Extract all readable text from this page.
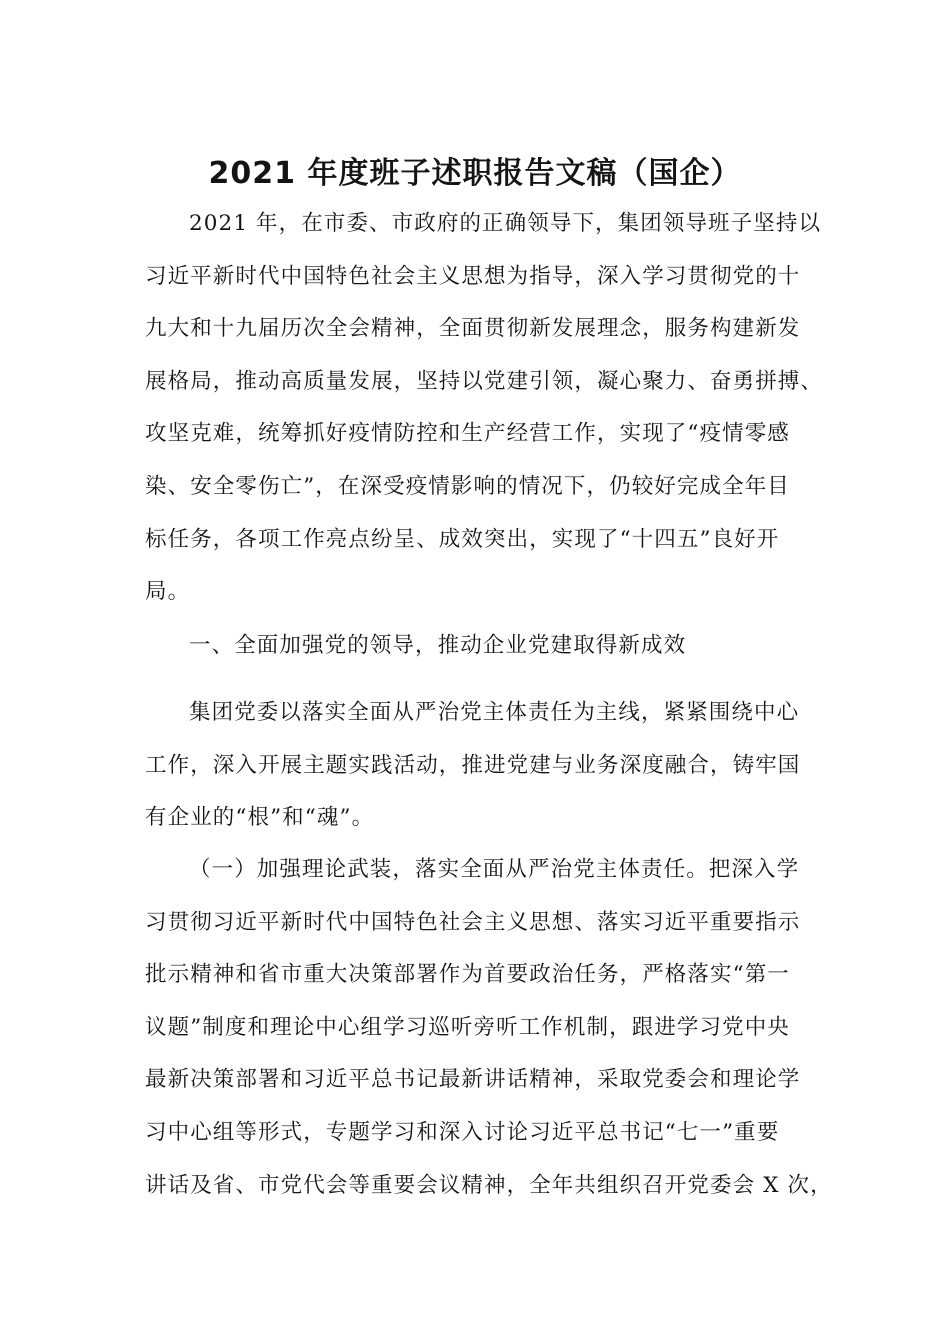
2021 年度班子述职报告文稿（国企）

2021 年，在市委、市政府的正确领导下，集团领导班子坚持以
习近平新时代中国特色社会主义思想为指导，深入学习贯彻党的十
九大和十九届历次全会精神，全面贯彻新发展理念，服务构建新发
展格局，推动高质量发展，坚持以党建引领，凝心聚力、奋勇拼搏、
攻坚克难，统筹抓好疫情防控和生产经营工作，实现了“疫情零感
染、安全零伤亡”，在深受疫情影响的情况下，仍较好完成全年目
标任务，各项工作亮点纷呈、成效突出，实现了“十四五”良好开
局。

一、全面加强党的领导，推动企业党建取得新成效

集团党委以落实全面从严治党主体责任为主线，紧紧围绕中心
工作，深入开展主题实践活动，推进党建与业务深度融合，铸牢国
有企业的“根”和“魂”。

（一）加强理论武装，落实全面从严治党主体责任。把深入学
习贯彻习近平新时代中国特色社会主义思想、落实习近平重要指示
批示精神和省市重大决策部署作为首要政治任务，严格落实“第一
议题”制度和理论中心组学习巡听旁听工作机制，跟进学习党中央
最新决策部署和习近平总书记最新讲话精神，采取党委会和理论学
习中心组等形式，专题学习和深入讨论习近平总书记“七一”重要
讲话及省、市党代会等重要会议精神，全年共组织召开党委会 X 次，
